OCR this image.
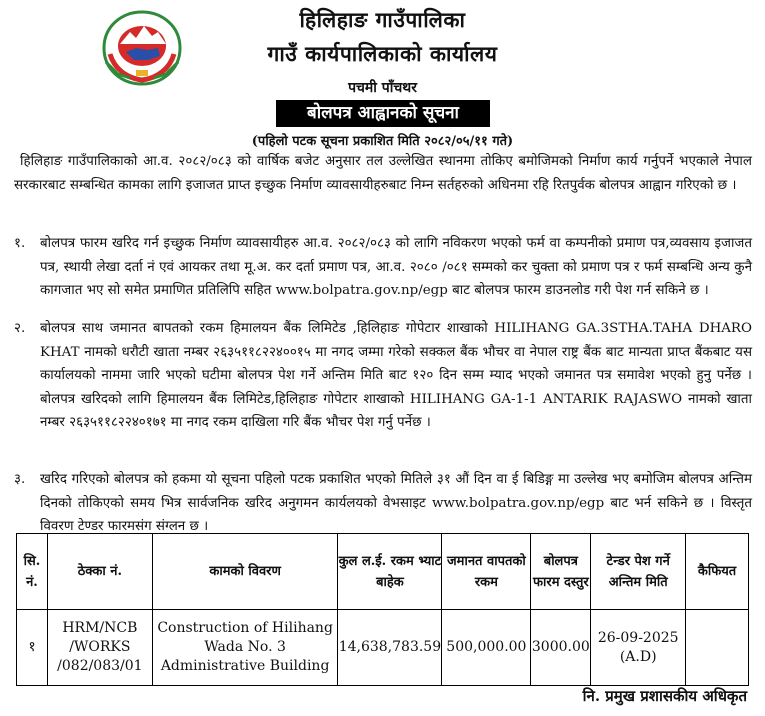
हिलिहाङ गाउँपालिका
गाउँ कार्यपालिकाको कार्यालय
पचमी पाँचथर
बोलपत्र आह्वानको सूचना
(पहिलो पटक सूचना प्रकाशित मिति २०८२/०५/११ गते)
हिलिहाङ गाउँपालिकाको आ.व. २०८२/०८३ को वार्षिक बजेट अनुसार तल उल्लेखित स्थानमा तोकिए बमोजिमको निर्माण कार्य गर्नुपर्ने भएकाले नेपाल सरकारबाट सम्बन्धित कामका लागि इजाजत प्राप्त इच्छुक निर्माण व्यावसायीहरुबाट निम्न सर्तहरुको अधिनमा रहि रितपुर्वक बोलपत्र आह्वान गरिएको छ ।
१.	बोलपत्र फारम खरिद गर्न इच्छुक निर्माण व्यावसायीहरु आ.व. २०८२/०८३ को लागि नविकरण भएको फर्म वा कम्पनीको प्रमाण पत्र,व्यवसाय इजाजत पत्र, स्थायी लेखा दर्ता नं एवं आयकर तथा मू.अ. कर दर्ता प्रमाण पत्र, आ.व. २०८० /०८१ सम्मको कर चुक्ता को प्रमाण पत्र र फर्म सम्बन्धि अन्य कुनै कागजात भए सो समेत प्रमाणित प्रतिलिपि सहित www.bolpatra.gov.np/egp बाट बोलपत्र फारम डाउनलोड गरी पेश गर्न सकिने छ ।
२.	बोलपत्र साथ जमानत बापतको रकम हिमालयन बैंक लिमिटेड ,हिलिहाङ गोपेटार शाखाको HILIHANG GA.3STHA.TAHA DHARO KHAT नामको धरौटी खाता नम्बर २६३५११८२२४००१५ मा नगद जम्मा गरेको सक्कल बैंक भौचर वा नेपाल राष्ट्र बैंक बाट मान्यता प्राप्त बैंकबाट यस कार्यालयको नाममा जारि भएको घटीमा बोलपत्र पेश गर्ने अन्तिम मिति बाट १२० दिन सम्म म्याद भएको जमानत पत्र समावेश भएको हुनु पर्नेछ । बोलपत्र खरिदको लागि हिमालयन बैंक लिमिटेड,हिलिहाङ गोपेटार शाखाको HILIHANG GA-1-1 ANTARIK RAJASWO नामको खाता नम्बर २६३५११८२२४०१७१ मा नगद रकम दाखिला गरि बैंक भौचर पेश गर्नु पर्नेछ ।
३.	खरिद गरिएको बोलपत्र को हकमा यो सूचना पहिलो पटक प्रकाशित भएको मितिले ३१ औं दिन वा ई बिडिङ्ग मा उल्लेख भए बमोजिम बोलपत्र अन्तिम दिनको तोकिएको समय भित्र सार्वजनिक खरिद अनुगमन कार्यलयको वेभसाइट www.bolpatra.gov.np/egp बाट भर्न सकिने छ । विस्तृत विवरण टेण्डर फारमसंग संग्लन छ ।
सि. नं.	ठेक्का नं.	कामको विवरण	कुल ल.ई. रकम भ्याट बाहेक	जमानत वापतको रकम	बोलपत्र फारम दस्तुर	टेन्डर पेश गर्ने अन्तिम मिति	कैफियत
१	HRM/NCB /WORKS /082/083/01	Construction of Hilihang Wada No. 3 Administrative Building	14,638,783.59	500,000.00	3000.00	26-09-2025 (A.D)	
नि. प्रमुख प्रशासकीय अधिकृत
